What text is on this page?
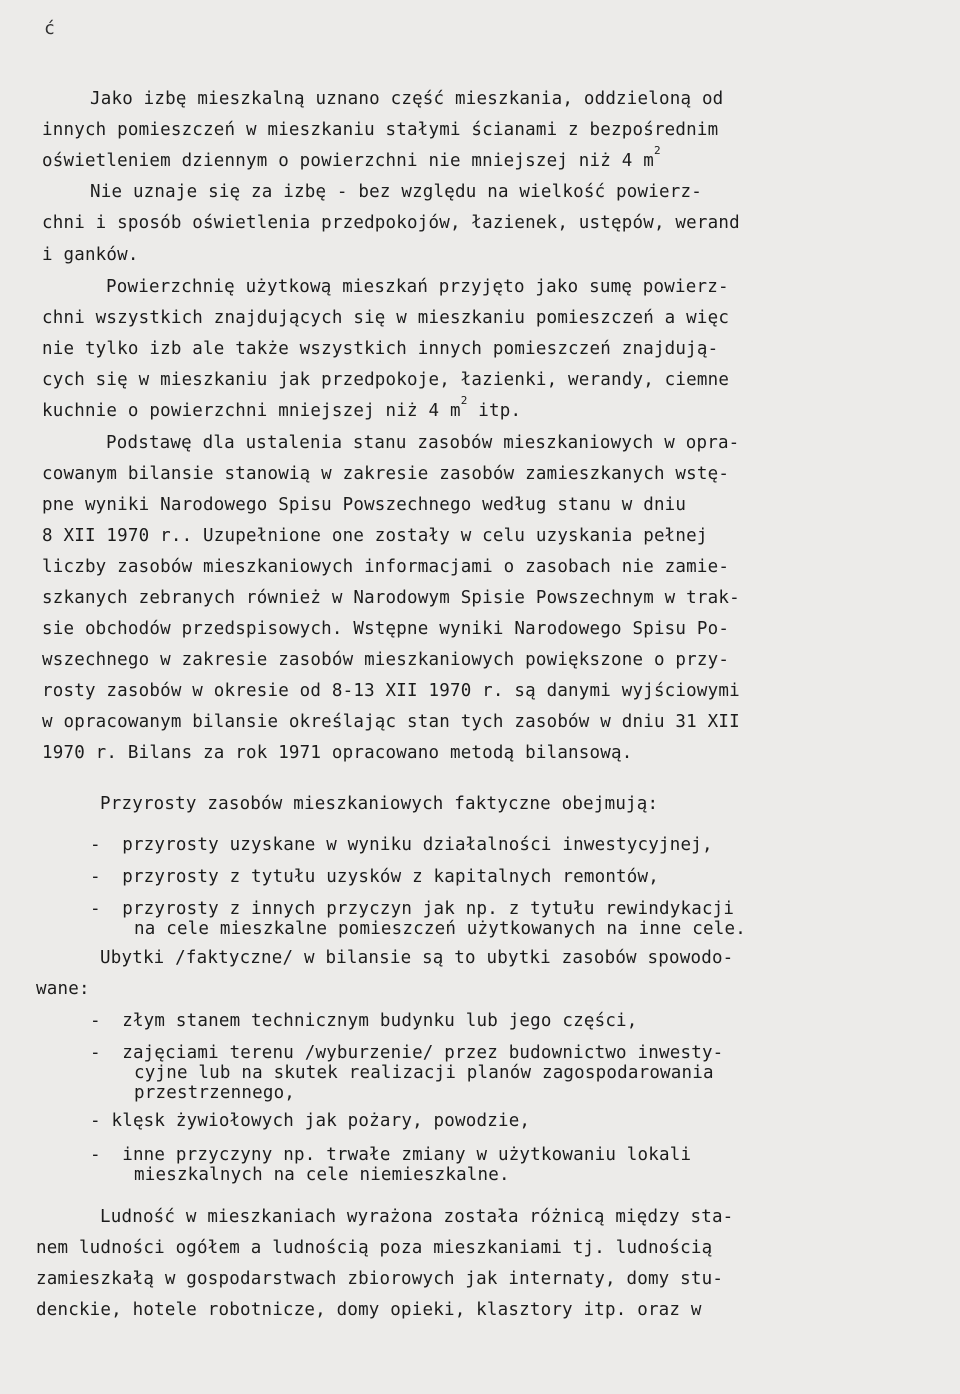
ć
Jako izbę mieszkalną uznano część mieszkania, oddzieloną od
innych pomieszczeń w mieszkaniu stałymi ścianami z bezpośrednim
oświetleniem dziennym o powierzchni nie mniejszej niż 4 $m^2$
Nie uznaje się za izbę - bez względu na wielkość powierz-
chni i sposób oświetlenia przedpokojów, łazienek, ustępów, werand
i ganków.
Powierzchnię użytkową mieszkań przyjęto jako sumę powierz-
chni wszystkich znajdujących się w mieszkaniu pomieszczeń a więc
nie tylko izb ale także wszystkich innych pomieszczeń znajdują-
cych się w mieszkaniu jak przedpokoje, łazienki, werandy, ciemne
kuchnie o powierzchni mniejszej niż 4 $m^2$ itp.
Podstawę dla ustalenia stanu zasobów mieszkaniowych w opra-
cowanym bilansie stanowią w zakresie zasobów zamieszkanych wstę-
pne wyniki Narodowego Spisu Powszechnego według stanu w dniu
8 XII 1970 r.. Uzupełnione one zostały w celu uzyskania pełnej
liczby zasobów mieszkaniowych informacjami o zasobach nie zamie-
szkanych zebranych również w Narodowym Spisie Powszechnym w trak-
sie obchodów przedspisowych. Wstępne wyniki Narodowego Spisu Po-
wszechnego w zakresie zasobów mieszkaniowych powiększone o przy-
rosty zasobów w okresie od 8-13 XII 1970 r. są danymi wyjściowymi
w opracowanym bilansie określając stan tych zasobów w dniu 31 XII
1970 r. Bilans za rok 1971 opracowano metodą bilansową.
Przyrosty zasobów mieszkaniowych faktyczne obejmują:
-  przyrosty uzyskane w wyniku działalności inwestycyjnej,
-  przyrosty z tytułu uzysków z kapitalnych remontów,
-  przyrosty z innych przyczyn jak np. z tytułu rewindykacji
na cele mieszkalne pomieszczeń użytkowanych na inne cele.
Ubytki /faktyczne/ w bilansie są to ubytki zasobów spowodo-
wane:
-  złym stanem technicznym budynku lub jego części,
-  zajęciami terenu /wyburzenie/ przez budownictwo inwesty-
cyjne lub na skutek realizacji planów zagospodarowania
przestrzennego,
- klęsk żywiołowych jak pożary, powodzie,
-  inne przyczyny np. trwałe zmiany w użytkowaniu lokali
mieszkalnych na cele niemieszkalne.
Ludność w mieszkaniach wyrażona została różnicą między sta-
nem ludności ogółem a ludnością poza mieszkaniami tj. ludnością
zamieszkałą w gospodarstwach zbiorowych jak internaty, domy stu-
denckie, hotele robotnicze, domy opieki, klasztory itp. oraz w
